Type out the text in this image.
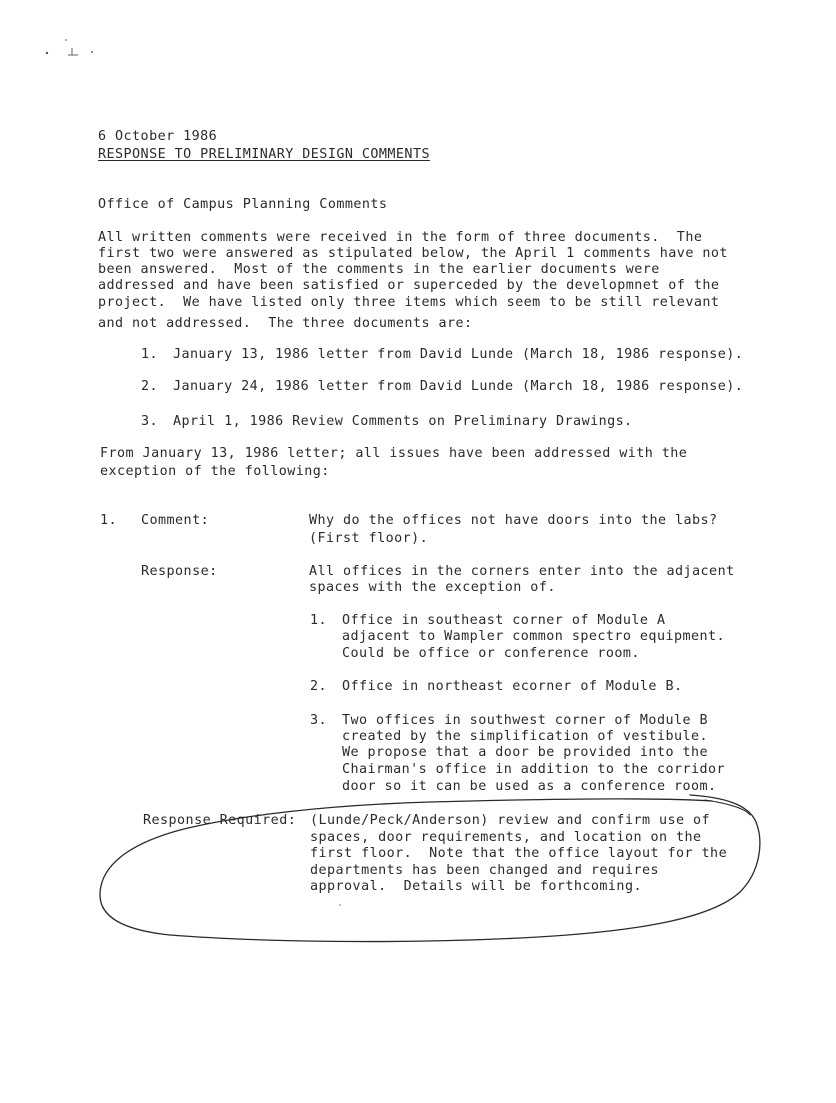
6 October 1986
RESPONSE TO PRELIMINARY DESIGN COMMENTS
Office of Campus Planning Comments
All written comments were received in the form of three documents.  The
first two were answered as stipulated below, the April 1 comments have not
been answered.  Most of the comments in the earlier documents were
addressed and have been satisfied or superceded by the developmnet of the
project.  We have listed only three items which seem to be still relevant
and not addressed.  The three documents are:
1. January 13, 1986 letter from David Lunde (March 18, 1986 response).
2. January 24, 1986 letter from David Lunde (March 18, 1986 response).
3. April 1, 1986 Review Comments on Preliminary Drawings.
From January 13, 1986 letter; all issues have been addressed with the
exception of the following:
1. Comment:	Why do the offices not have doors into the labs?
(First floor).
Response:	All offices in the corners enter into the adjacent
spaces with the exception of.
1. Office in southeast corner of Module A
adjacent to Wampler common spectro equipment.
Could be office or conference room.
2. Office in northeast ecorner of Module B.
3. Two offices in southwest corner of Module B
created by the simplification of vestibule.
We propose that a door be provided into the
Chairman's office in addition to the corridor
door so it can be used as a conference room.
Response Required: (Lunde/Peck/Anderson) review and confirm use of
spaces, door requirements, and location on the
first floor.  Note that the office layout for the
departments has been changed and requires
approval.  Details will be forthcoming.
